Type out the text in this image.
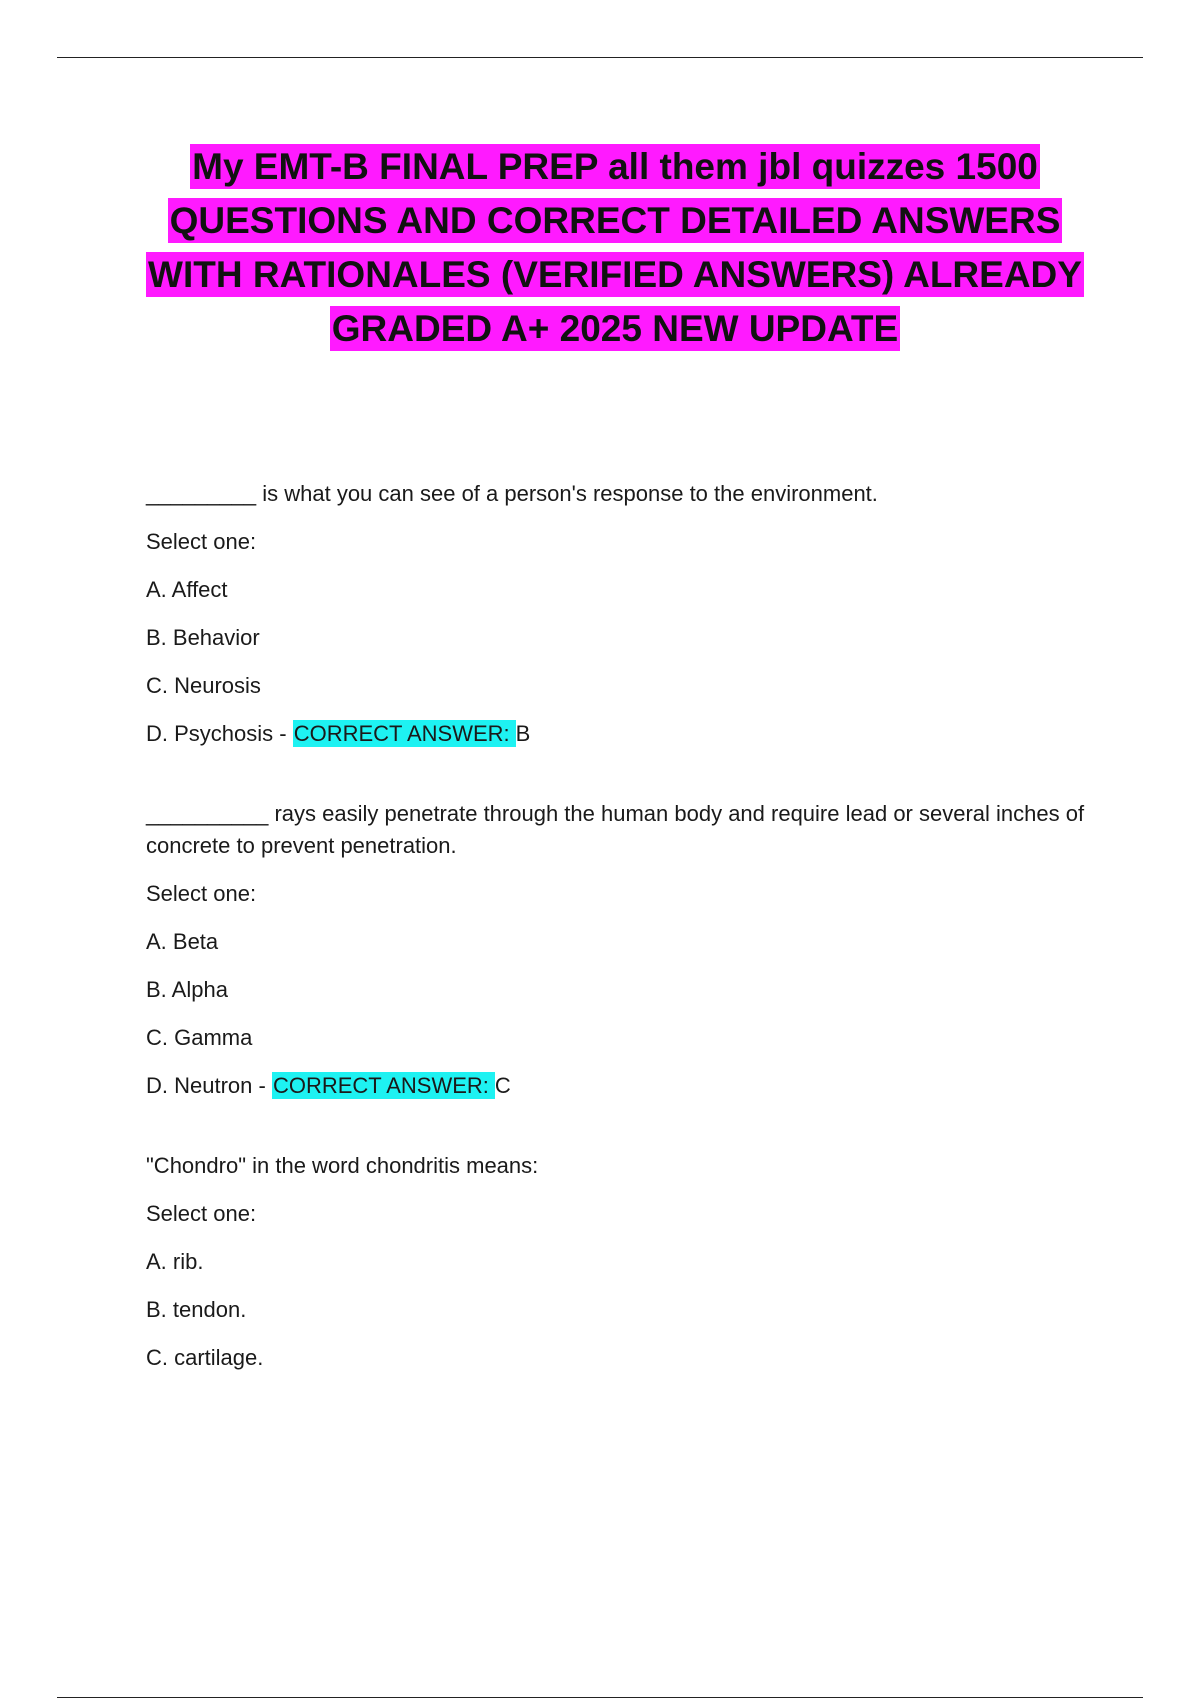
My EMT-B FINAL PREP all them jbl quizzes 1500 QUESTIONS AND CORRECT DETAILED ANSWERS WITH RATIONALES (VERIFIED ANSWERS) ALREADY GRADED A+ 2025 NEW UPDATE

_________ is what you can see of a person's response to the environment.

Select one:

A. Affect

B. Behavior

C. Neurosis

D. Psychosis - CORRECT ANSWER: B

__________ rays easily penetrate through the human body and require lead or several inches of concrete to prevent penetration.

Select one:

A. Beta

B. Alpha

C. Gamma

D. Neutron - CORRECT ANSWER: C

"Chondro" in the word chondritis means:

Select one:

A. rib.

B. tendon.

C. cartilage.
